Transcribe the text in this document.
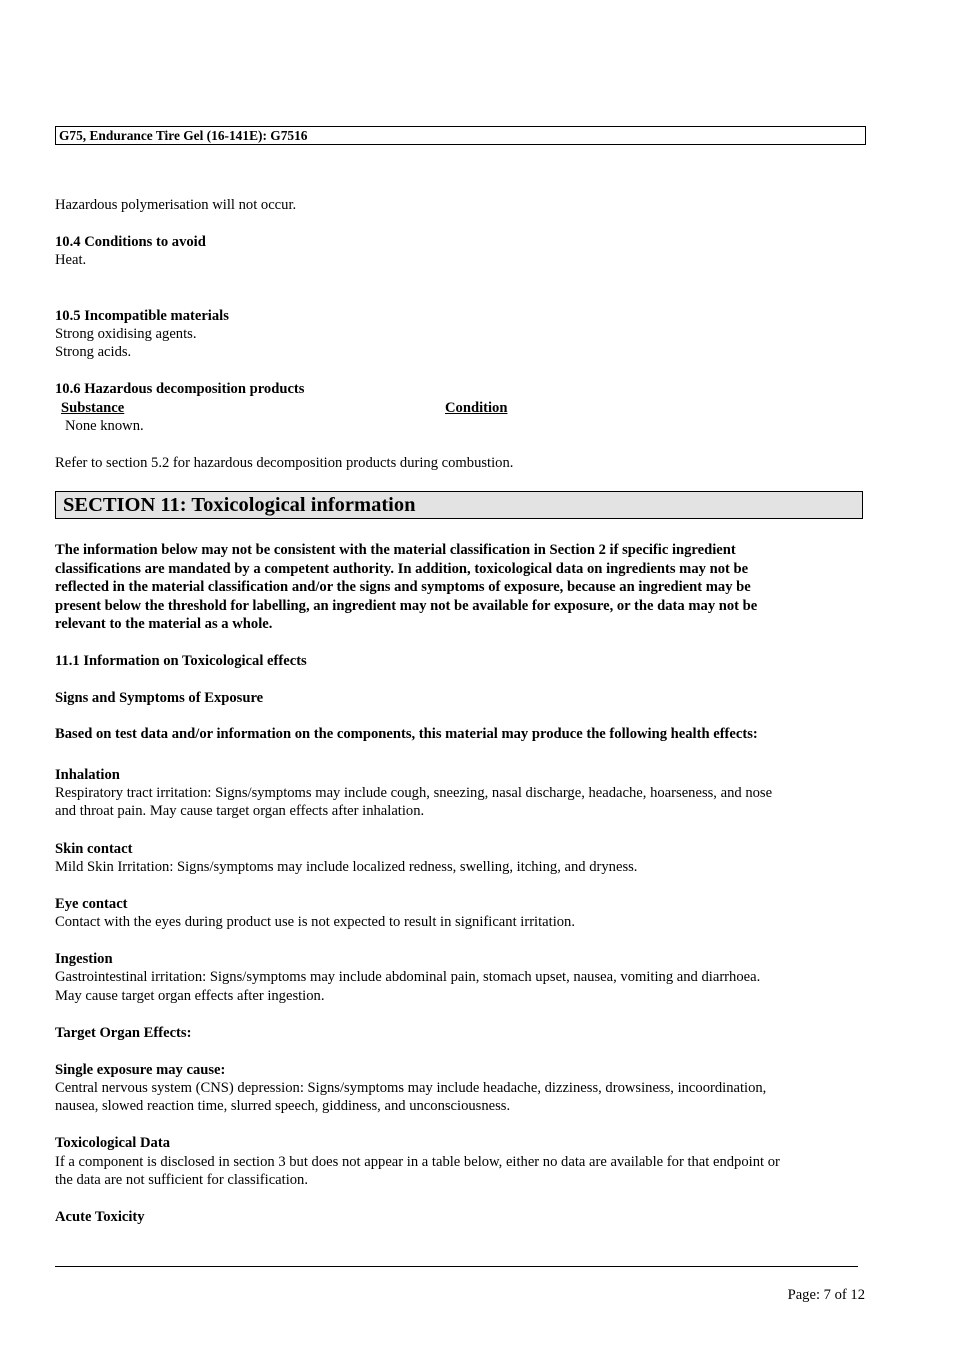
G75, Endurance Tire Gel (16-141E): G7516
Hazardous polymerisation will not occur.
10.4 Conditions to avoid
Heat.
10.5 Incompatible materials
Strong oxidising agents.
Strong acids.
10.6 Hazardous decomposition products
Substance	Condition
None known.
Refer to section 5.2 for hazardous decomposition products during combustion.
SECTION 11: Toxicological information
The information below may not be consistent with the material classification in Section 2 if specific ingredient
classifications are mandated by a competent authority. In addition, toxicological data on ingredients may not be
reflected in the material classification and/or the signs and symptoms of exposure, because an ingredient may be
present below the threshold for labelling, an ingredient may not be available for exposure, or the data may not be
relevant to the material as a whole.
11.1 Information on Toxicological effects
Signs and Symptoms of Exposure
Based on test data and/or information on the components, this material may produce the following health effects:
Inhalation
Respiratory tract irritation: Signs/symptoms may include cough, sneezing, nasal discharge, headache, hoarseness, and nose
and throat pain. May cause target organ effects after inhalation.
Skin contact
Mild Skin Irritation: Signs/symptoms may include localized redness, swelling, itching, and dryness.
Eye contact
Contact with the eyes during product use is not expected to result in significant irritation.
Ingestion
Gastrointestinal irritation: Signs/symptoms may include abdominal pain, stomach upset, nausea, vomiting and diarrhoea.
May cause target organ effects after ingestion.
Target Organ Effects:
Single exposure may cause:
Central nervous system (CNS) depression: Signs/symptoms may include headache, dizziness, drowsiness, incoordination,
nausea, slowed reaction time, slurred speech, giddiness, and unconsciousness.
Toxicological Data
If a component is disclosed in section 3 but does not appear in a table below, either no data are available for that endpoint or
the data are not sufficient for classification.
Acute Toxicity
Page: 7 of 12
